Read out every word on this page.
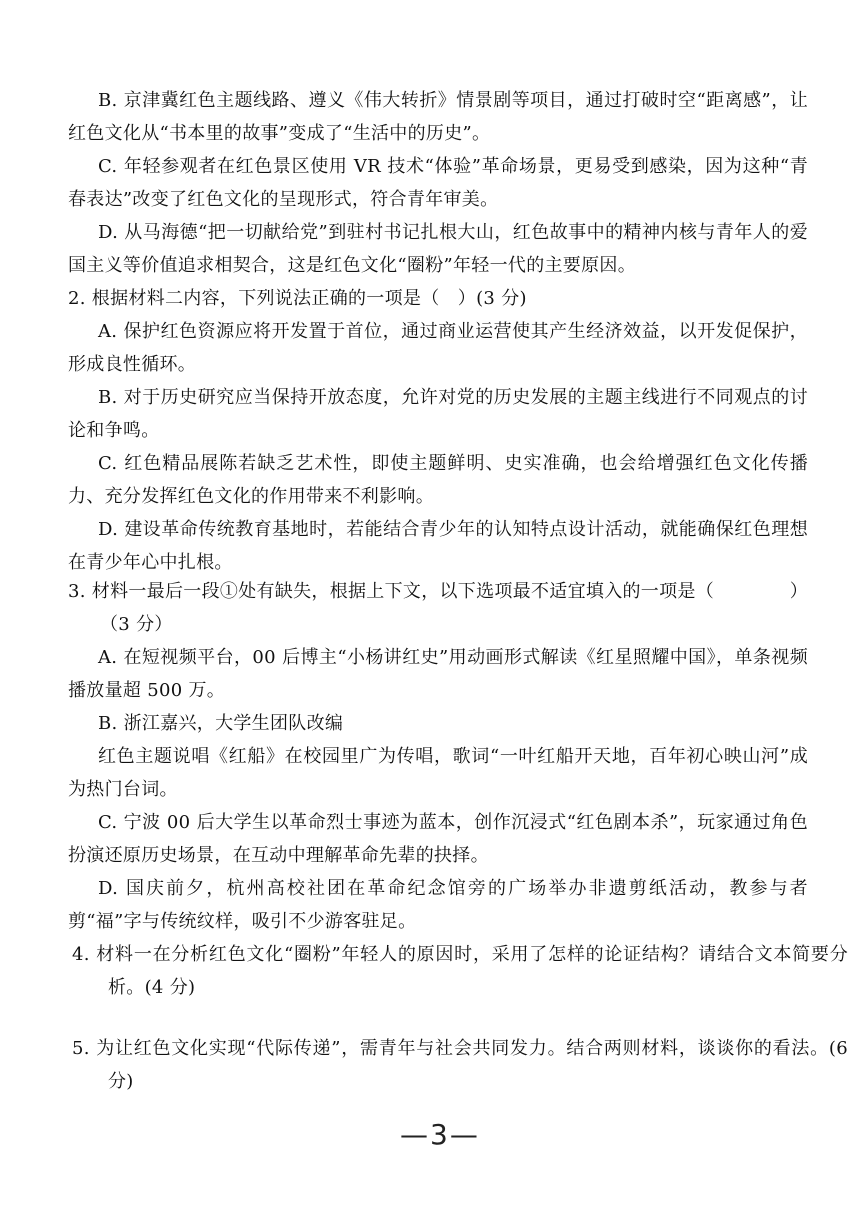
B. 京津冀红色主题线路、遵义《伟大转折》情景剧等项目，通过打破时空“距离感”，让红色文化从“书本里的故事”变成了“生活中的历史”。
C. 年轻参观者在红色景区使用 VR 技术“体验”革命场景，更易受到感染，因为这种“青春表达”改变了红色文化的呈现形式，符合青年审美。
D. 从马海德“把一切献给党”到驻村书记扎根大山，红色故事中的精神内核与青年人的爱国主义等价值追求相契合，这是红色文化“圈粉”年轻一代的主要原因。
2. 根据材料二内容，下列说法正确的一项是（　）(3 分)
A. 保护红色资源应将开发置于首位，通过商业运营使其产生经济效益，以开发促保护，形成良性循环。
B. 对于历史研究应当保持开放态度，允许对党的历史发展的主题主线进行不同观点的讨论和争鸣。
C. 红色精品展陈若缺乏艺术性，即使主题鲜明、史实准确，也会给增强红色文化传播力、充分发挥红色文化的作用带来不利影响。
D. 建设革命传统教育基地时，若能结合青少年的认知特点设计活动，就能确保红色理想在青少年心中扎根。
3. 材料一最后一段①处有缺失，根据上下文，以下选项最不适宜填入的一项是（	）
（3 分）
A. 在短视频平台，00 后博主“小杨讲红史”用动画形式解读《红星照耀中国》，单条视频播放量超 500 万。
B. 浙江嘉兴，大学生团队改编
红色主题说唱《红船》在校园里广为传唱，歌词“一叶红船开天地，百年初心映山河”成为热门台词。
C. 宁波 00 后大学生以革命烈士事迹为蓝本，创作沉浸式“红色剧本杀”，玩家通过角色扮演还原历史场景，在互动中理解革命先辈的抉择。
D. 国庆前夕，杭州高校社团在革命纪念馆旁的广场举办非遗剪纸活动，教参与者剪“福”字与传统纹样，吸引不少游客驻足。
4. 材料一在分析红色文化“圈粉”年轻人的原因时，采用了怎样的论证结构？请结合文本简要分析。(4 分)
5. 为让红色文化实现“代际传递”，需青年与社会共同发力。结合两则材料，谈谈你的看法。(6 分)
—3—
